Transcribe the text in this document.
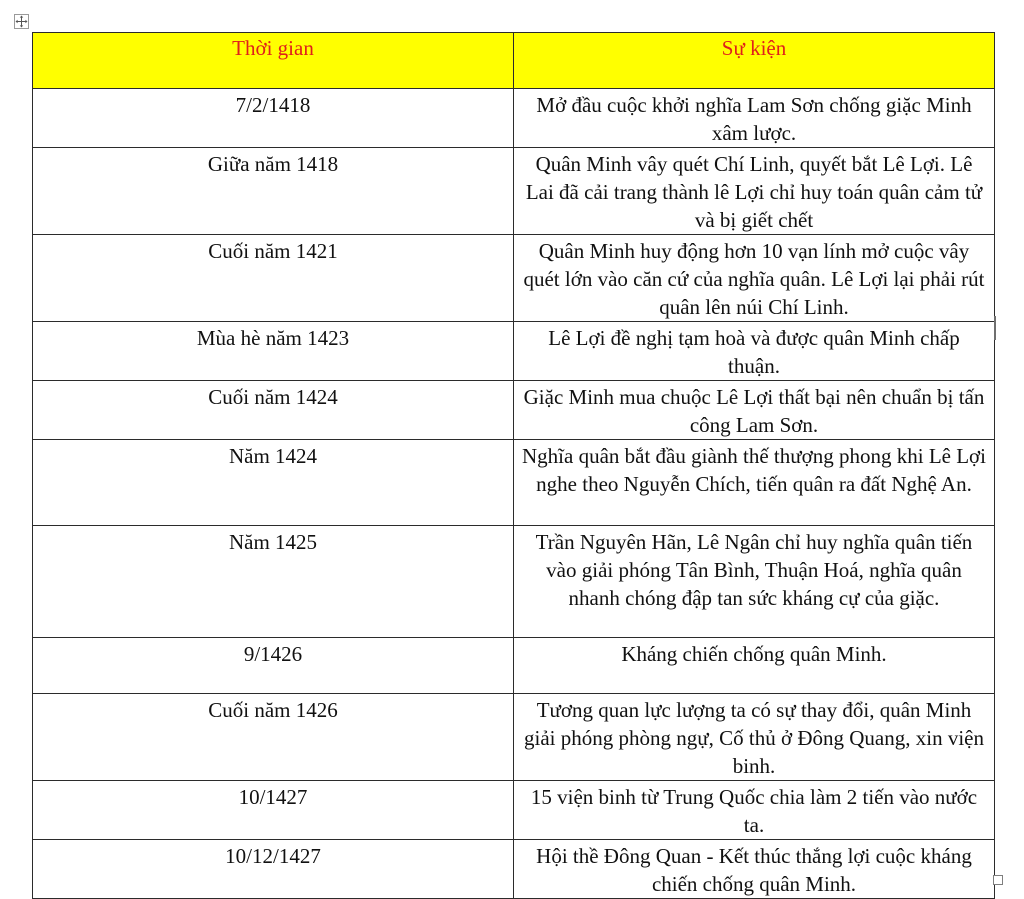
Thời gian	Sự kiện
7/2/1418	Mở đầu cuộc khởi nghĩa Lam Sơn chống giặc Minh xâm lược.
Giữa năm 1418	Quân Minh vây quét Chí Linh, quyết bắt Lê Lợi. Lê Lai đã cải trang thành lê Lợi chỉ huy toán quân cảm tử và bị giết chết
Cuối năm 1421	Quân Minh huy động hơn 10 vạn lính mở cuộc vây quét lớn vào căn cứ của nghĩa quân. Lê Lợi lại phải rút quân lên núi Chí Linh.
Mùa hè năm 1423	Lê Lợi đề nghị tạm hoà và được quân Minh chấp thuận.
Cuối năm 1424	Giặc Minh mua chuộc Lê Lợi thất bại nên chuẩn bị tấn công Lam Sơn.
Năm 1424	Nghĩa quân bắt đầu giành thế thượng phong khi Lê Lợi nghe theo Nguyễn Chích, tiến quân ra đất Nghệ An.
Năm 1425	Trần Nguyên Hãn, Lê Ngân chỉ huy nghĩa quân tiến vào giải phóng Tân Bình, Thuận Hoá, nghĩa quân nhanh chóng đập tan sức kháng cự của giặc.
9/1426	Kháng chiến chống quân Minh.
Cuối năm 1426	Tương quan lực lượng ta có sự thay đổi, quân Minh giải phóng phòng ngự, Cố thủ ở Đông Quang, xin viện binh.
10/1427	15 viện binh từ Trung Quốc chia làm 2 tiến vào nước ta.
10/12/1427	Hội thề Đông Quan - Kết thúc thắng lợi cuộc kháng chiến chống quân Minh.
